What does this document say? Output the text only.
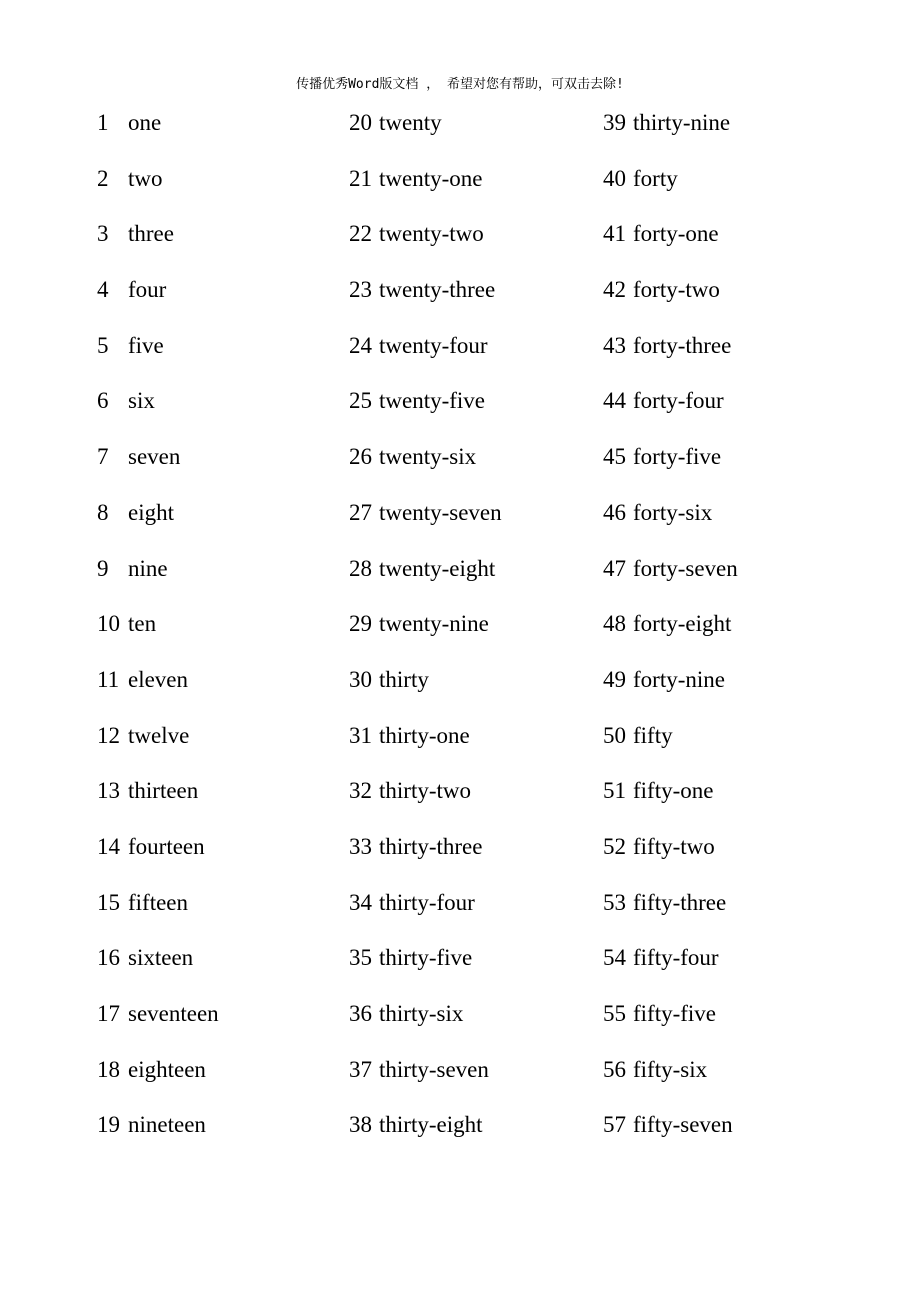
传播优秀Word版文档 ， 希望对您有帮助，可双击去除!
1 one
2 two
3 three
4 four
5 five
6 six
7 seven
8 eight
9 nine
10 ten
11 eleven
12 twelve
13 thirteen
14 fourteen
15 fifteen
16 sixteen
17 seventeen
18 eighteen
19 nineteen
20 twenty
21 twenty-one
22 twenty-two
23 twenty-three
24 twenty-four
25 twenty-five
26 twenty-six
27 twenty-seven
28 twenty-eight
29 twenty-nine
30 thirty
31 thirty-one
32 thirty-two
33 thirty-three
34 thirty-four
35 thirty-five
36 thirty-six
37 thirty-seven
38 thirty-eight
39 thirty-nine
40 forty
41 forty-one
42 forty-two
43 forty-three
44 forty-four
45 forty-five
46 forty-six
47 forty-seven
48 forty-eight
49 forty-nine
50 fifty
51 fifty-one
52 fifty-two
53 fifty-three
54 fifty-four
55 fifty-five
56 fifty-six
57 fifty-seven
